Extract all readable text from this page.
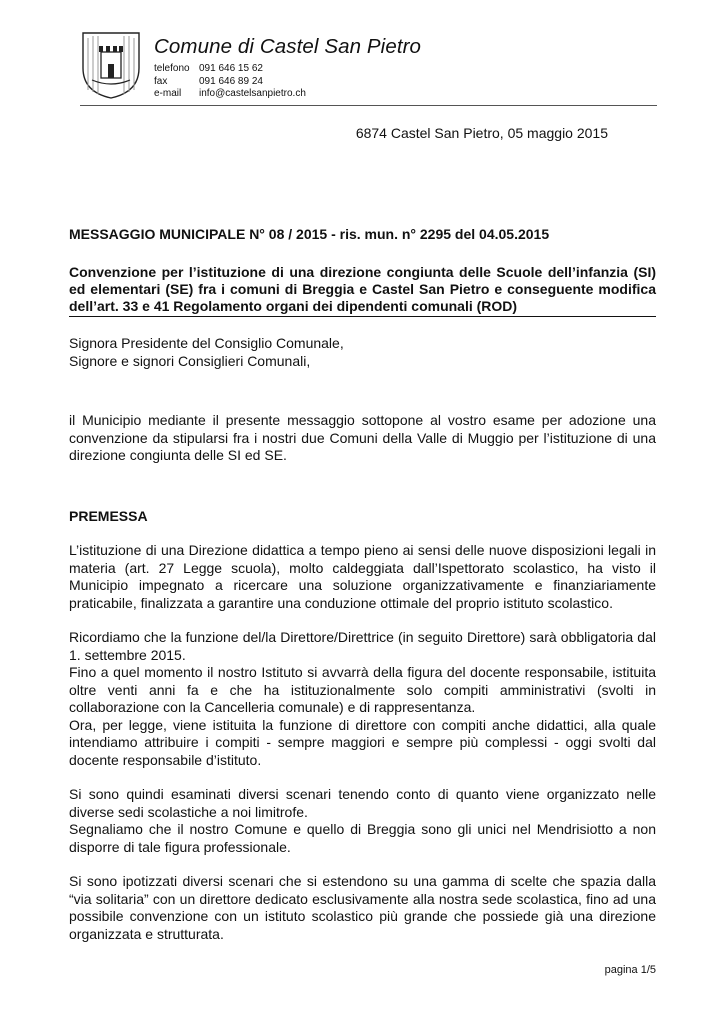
Comune di Castel San Pietro
telefono 091 646 15 62
fax	091 646 89 24
e-mail	info@castelsanpietro.ch
6874 Castel San Pietro, 05 maggio 2015

MESSAGGIO MUNICIPALE N° 08 / 2015 - ris. mun. n° 2295 del 04.05.2015

Convenzione per l’istituzione di una direzione congiunta delle Scuole dell’infanzia (SI) ed elementari (SE) fra i comuni di Breggia e Castel San Pietro e conseguente modifica dell’art. 33 e 41 Regolamento organi dei dipendenti comunali (ROD)

Signora Presidente del Consiglio Comunale,
Signore e signori Consiglieri Comunali,

il Municipio mediante il presente messaggio sottopone al vostro esame per adozione una convenzione da stipularsi fra i nostri due Comuni della Valle di Muggio per l’istituzione di una direzione congiunta delle SI ed SE.

PREMESSA

L’istituzione di una Direzione didattica a tempo pieno ai sensi delle nuove disposizioni legali in materia (art. 27 Legge scuola), molto caldeggiata dall’Ispettorato scolastico, ha visto il Municipio impegnato a ricercare una soluzione organizzativamente e finanziariamente praticabile, finalizzata a garantire una conduzione ottimale del proprio istituto scolastico.

Ricordiamo che la funzione del/la Direttore/Direttrice (in seguito Direttore) sarà obbligatoria dal 1. settembre 2015.

Fino a quel momento il nostro Istituto si avvarrà della figura del docente responsabile, istituita oltre venti anni fa e che ha istituzionalmente solo compiti amministrativi (svolti in collaborazione con la Cancelleria comunale) e di rappresentanza.

Ora, per legge, viene istituita la funzione di direttore con compiti anche didattici, alla quale intendiamo attribuire i compiti - sempre maggiori e sempre più complessi - oggi svolti dal docente responsabile d’istituto.

Si sono quindi esaminati diversi scenari tenendo conto di quanto viene organizzato nelle diverse sedi scolastiche a noi limitrofe.

Segnaliamo che il nostro Comune e quello di Breggia sono gli unici nel Mendrisiotto a non disporre di tale figura professionale.

Si sono ipotizzati diversi scenari che si estendono su una gamma di scelte che spazia dalla “via solitaria” con un direttore dedicato esclusivamente alla nostra sede scolastica, fino ad una possibile convenzione con un istituto scolastico più grande che possiede già una direzione organizzata e strutturata.

pagina 1/5
